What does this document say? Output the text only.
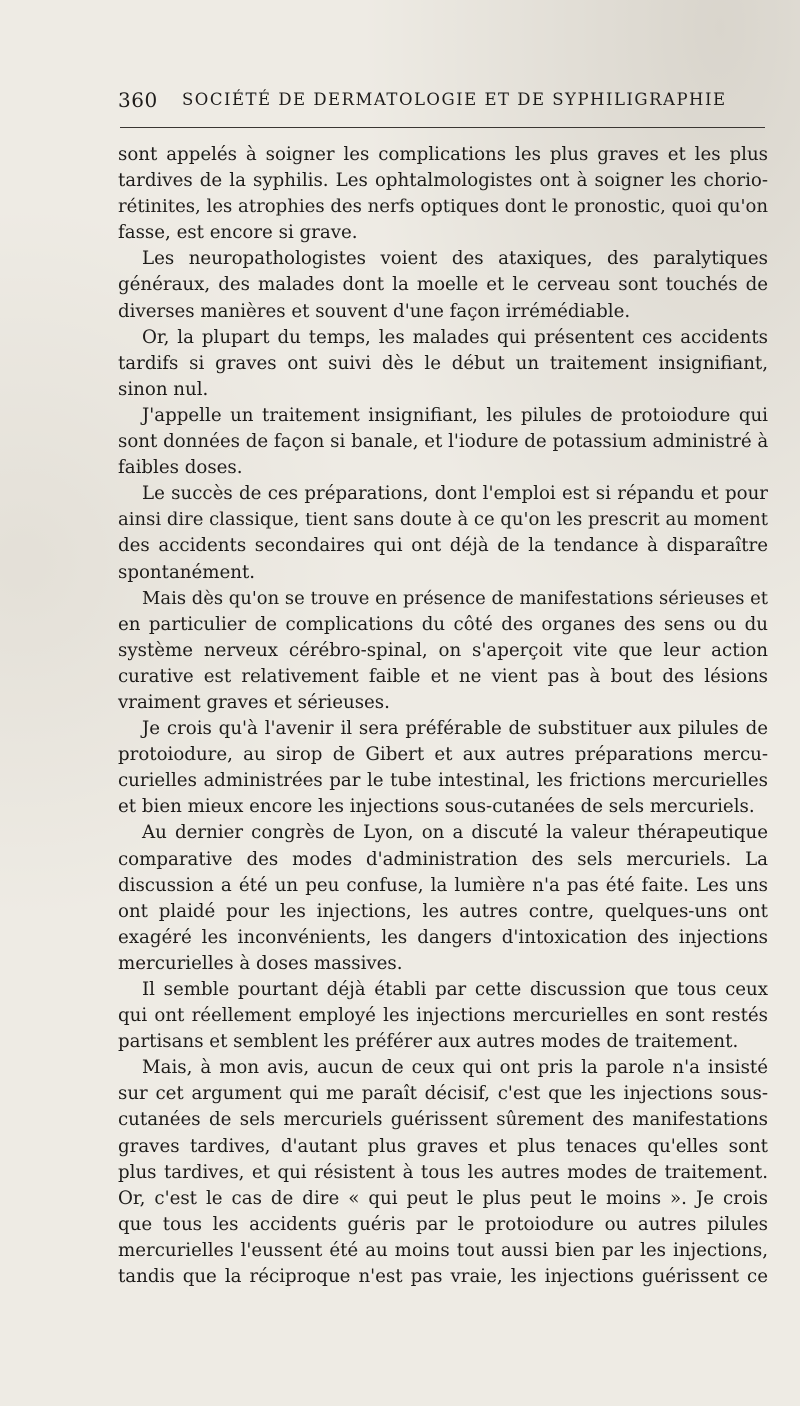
360 SOCIÉTÉ DE DERMATOLOGIE ET DE SYPHILIGRAPHIE
sont appelés à soigner les complications les plus graves et les plus
tardives de la syphilis. Les ophtalmologistes ont à soigner les chorio-
rétinites, les atrophies des nerfs optiques dont le pronostic, quoi qu'on
fasse, est encore si grave.
Les neuropathologistes voient des ataxiques, des paralytiques
généraux, des malades dont la moelle et le cerveau sont touchés de
diverses manières et souvent d'une façon irrémédiable.
Or, la plupart du temps, les malades qui présentent ces accidents
tardifs si graves ont suivi dès le début un traitement insignifiant,
sinon nul.
J'appelle un traitement insignifiant, les pilules de protoiodure qui
sont données de façon si banale, et l'iodure de potassium administré à
faibles doses.
Le succès de ces préparations, dont l'emploi est si répandu et pour
ainsi dire classique, tient sans doute à ce qu'on les prescrit au moment
des accidents secondaires qui ont déjà de la tendance à disparaître
spontanément.
Mais dès qu'on se trouve en présence de manifestations sérieuses et
en particulier de complications du côté des organes des sens ou du
système nerveux cérébro-spinal, on s'aperçoit vite que leur action
curative est relativement faible et ne vient pas à bout des lésions
vraiment graves et sérieuses.
Je crois qu'à l'avenir il sera préférable de substituer aux pilules de
protoiodure, au sirop de Gibert et aux autres préparations mercu-
curielles administrées par le tube intestinal, les frictions mercurielles
et bien mieux encore les injections sous-cutanées de sels mercuriels.
Au dernier congrès de Lyon, on a discuté la valeur thérapeutique
comparative des modes d'administration des sels mercuriels. La
discussion a été un peu confuse, la lumière n'a pas été faite. Les uns
ont plaidé pour les injections, les autres contre, quelques-uns ont
exagéré les inconvénients, les dangers d'intoxication des injections
mercurielles à doses massives.
Il semble pourtant déjà établi par cette discussion que tous ceux
qui ont réellement employé les injections mercurielles en sont restés
partisans et semblent les préférer aux autres modes de traitement.
Mais, à mon avis, aucun de ceux qui ont pris la parole n'a insisté
sur cet argument qui me paraît décisif, c'est que les injections sous-
cutanées de sels mercuriels guérissent sûrement des manifestations
graves tardives, d'autant plus graves et plus tenaces qu'elles sont
plus tardives, et qui résistent à tous les autres modes de traitement.
Or, c'est le cas de dire « qui peut le plus peut le moins ». Je crois
que tous les accidents guéris par le protoiodure ou autres pilules
mercurielles l'eussent été au moins tout aussi bien par les injections,
tandis que la réciproque n'est pas vraie, les injections guérissent ce
